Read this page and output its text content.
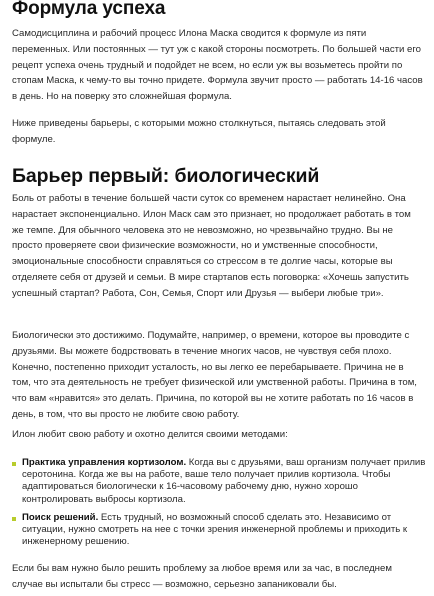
Формула успеха

Самодисциплина и рабочий процесс Илона Маска сводится к формуле из пяти переменных. Или постоянных — тут уж с какой стороны посмотреть. По большей части его рецепт успеха очень трудный и подойдет не всем, но если уж вы возьметесь пройти по стопам Маска, к чему-то вы точно придете. Формула звучит просто — работать 14-16 часов в день. Но на поверку это сложнейшая формула.

Ниже приведены барьеры, с которыми можно столкнуться, пытаясь следовать этой формуле.

Барьер первый: биологический

Боль от работы в течение большей части суток со временем нарастает нелинейно. Она нарастает экспоненциально. Илон Маск сам это признает, но продолжает работать в том же темпе. Для обычного человека это не невозможно, но чрезвычайно трудно. Вы не просто проверяете свои физические возможности, но и умственные способности, эмоциональные способности справляться со стрессом в те долгие часы, которые вы отделяете себя от друзей и семьи. В мире стартапов есть поговорка: «Хочешь запустить успешный стартап? Работа, Сон, Семья, Спорт или Друзья — выбери любые три».

Биологически это достижимо. Подумайте, например, о времени, которое вы проводите с друзьями. Вы можете бодрствовать в течение многих часов, не чувствуя себя плохо. Конечно, постепенно приходит усталость, но вы легко ее перебарываете. Причина не в том, что эта деятельность не требует физической или умственной работы. Причина в том, что вам «нравится» это делать. Причина, по которой вы не хотите работать по 16 часов в день, в том, что вы просто не любите свою работу.

Илон любит свою работу и охотно делится своими методами:

Практика управления кортизолом. Когда вы с друзьями, ваш организм получает прилив серотонина. Когда же вы на работе, ваше тело получает прилив кортизола. Чтобы адаптироваться биологически к 16-часовому рабочему дню, нужно хорошо контролировать выбросы кортизола.
Поиск решений. Есть трудный, но возможный способ сделать это. Независимо от ситуации, нужно смотреть на нее с точки зрения инженерной проблемы и приходить к инженерному решению.

Если бы вам нужно было решить проблему за любое время или за час, в последнем случае вы испытали бы стресс — возможно, серьезно запаниковали бы.
